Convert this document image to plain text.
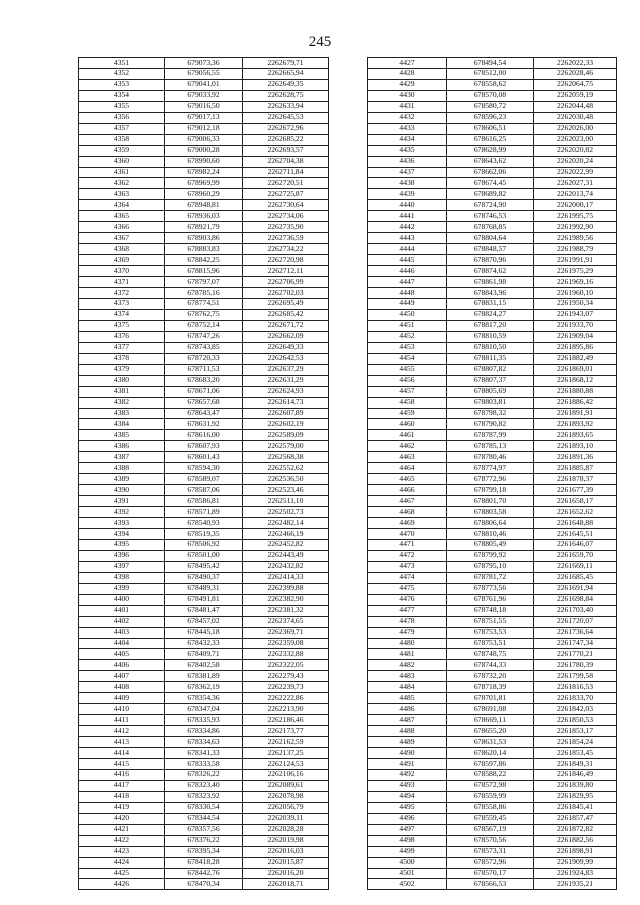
245
4351	679073,36	2262679,71
4352	679056,55	2262665,94
4353	679041,01	2262649,35
4354	679033,92	2262628,75
4355	679016,50	2262633,94
4356	679017,13	2262645,53
4357	679012,18	2262672,96
4358	679006,33	2262685,22
4359	679000,28	2262693,57
4360	678990,60	2262704,38
4361	678982,24	2262711,84
4362	678969,99	2262720,51
4363	678960,29	2262725,87
4364	678948,81	2262730,64
4365	678936,03	2262734,06
4366	678921,79	2262735,90
4367	678903,86	2262736,59
4368	678883,83	2262734,22
4369	678842,25	2262720,98
4370	678815,96	2262712,11
4371	678797,07	2262706,99
4372	678785,16	2262702,03
4373	678774,51	2262695,49
4374	678762,75	2262685,42
4375	678752,14	2262671,72
4376	678747,26	2262662,09
4377	678743,85	2262649,33
4378	678720,33	2262642,53
4379	678711,53	2262637,29
4380	678683,20	2262631,29
4381	678671,06	2262624,93
4382	678657,68	2262614,73
4383	678643,47	2262607,89
4384	678631,92	2262602,19
4385	678616,00	2262589,09
4386	678607,93	2262579,00
4387	678601,43	2262568,38
4388	678594,30	2262552,62
4389	678589,07	2262536,50
4390	678587,06	2262523,46
4391	678586,81	2262511,10
4392	678571,89	2262502,73
4393	678540,93	2262482,14
4394	678519,35	2262466,19
4395	678506,92	2262452,82
4396	678501,00	2262443,49
4397	678495,42	2262432,82
4398	678490,37	2262414,33
4399	678489,31	2262399,88
4400	678491,81	2262382,90
4401	678481,47	2262381,32
4402	678457,02	2262374,65
4403	678445,18	2262369,71
4404	678432,33	2262359,08
4405	678409,71	2262332,88
4406	678402,58	2262322,05
4407	678381,89	2262279,43
4408	678362,19	2262239,73
4409	678354,36	2262222,86
4410	678347,04	2262213,90
4411	678335,93	2262186,46
4412	678334,86	2262173,77
4413	678334,63	2262162,59
4414	678341,33	2262137,25
4415	678333,58	2262124,53
4416	678326,22	2262106,16
4417	678323,40	2262089,61
4418	678323,92	2262078,98
4419	678330,54	2262056,79
4420	678344,54	2262039,11
4421	678357,56	2262028,28
4422	678376,22	2262019,98
4423	678395,34	2262016,03
4424	678418,28	2262015,87
4425	678442,76	2262016,20
4426	678470,34	2262018,71
4427	678494,54	2262022,33
4428	678512,00	2262028,46
4429	678558,62	2262064,75
4430	678570,08	2262059,19
4431	678580,72	2262044,48
4432	678596,23	2262030,48
4433	678606,51	2262026,00
4434	678616,25	2262023,00
4435	678628,99	2262020,82
4436	678643,62	2262020,24
4437	678662,06	2262022,99
4438	678674,45	2262027,31
4439	678689,82	2262013,74
4440	678724,90	2262000,17
4441	678746,53	2261995,75
4442	678768,85	2261992,90
4443	678804,64	2261989,56
4444	678848,57	2261988,79
4445	678870,96	2261991,91
4446	678874,62	2261975,29
4447	678861,98	2261969,16
4448	678843,96	2261960,10
4449	678831,15	2261950,34
4450	678824,27	2261943,07
4451	678817,20	2261933,70
4452	678810,59	2261909,04
4453	678810,50	2261895,86
4454	678811,35	2261882,49
4455	678807,82	2261869,01
4456	678807,37	2261868,12
4457	678805,69	2261880,88
4458	678803,81	2261886,42
4459	678798,32	2261891,91
4460	678790,82	2261893,92
4461	678787,99	2261893,65
4462	678785,13	2261893,10
4463	678780,46	2261891,36
4464	678774,97	2261885,87
4465	678772,96	2261878,37
4466	678799,18	2261677,39
4467	678801,70	2261658,17
4468	678803,58	2261652,62
4469	678806,64	2261648,88
4470	678810,46	2261645,51
4471	678805,49	2261646,07
4472	678799,92	2261659,70
4473	678795,10	2261669,11
4474	678781,72	2261685,45
4475	678773,56	2261691,94
4476	678761,96	2261698,84
4477	678748,18	2261703,40
4478	678751,55	2261720,07
4479	678753,53	2261736,64
4480	678753,51	2261747,34
4481	678748,75	2261770,21
4482	678744,33	2261780,39
4483	678732,20	2261799,58
4484	678718,39	2261816,53
4485	678701,81	2261833,70
4486	678691,08	2261842,03
4487	678669,11	2261850,53
4488	678655,20	2261853,17
4489	678631,53	2261854,24
4490	678620,14	2261853,45
4491	678597,86	2261849,31
4492	678588,22	2261846,49
4493	678572,98	2261839,80
4494	678559,99	2261829,95
4495	678558,86	2261845,41
4496	678559,45	2261857,47
4497	678567,19	2261872,82
4498	678570,56	2261882,56
4499	678573,31	2261898,91
4500	678572,96	2261909,99
4501	678570,17	2261924,83
4502	678566,53	2261935,21
